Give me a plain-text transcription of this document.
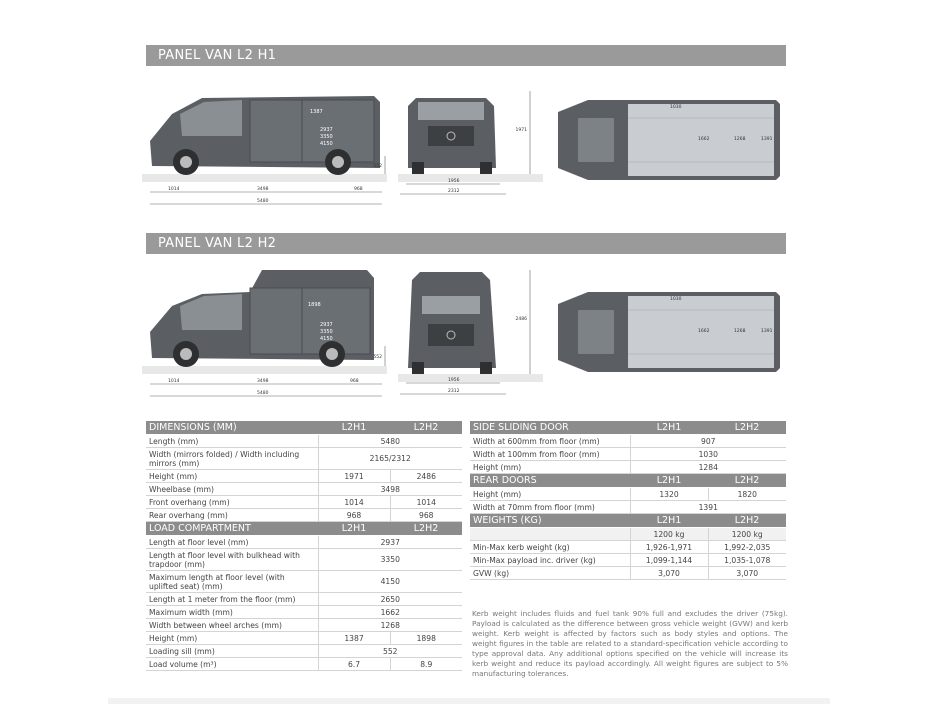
PANEL VAN L2 H1
1387
2937
3350
4150
552
1014	3498	968
5480
1971
1956
2312
1662	1268	1391
1030
PANEL VAN L2 H2
1898
2937
3350
4150
552
1014	3498	968
5480
2486
1956
2312
1662	1268	1391
1030
DIMENSIONS (MM)	L2H1	L2H2
Length (mm)	5480	
Width (mirrors folded) / Width including mirrors (mm)	2165/2312	
Height (mm)	1971	2486
Wheelbase (mm)	3498	
Front overhang (mm)	1014	1014
Rear overhang (mm)	968	968
LOAD COMPARTMENT	L2H1	L2H2
Length at floor level (mm)	2937	
Length at floor level with bulkhead with trapdoor (mm)	3350	
Maximum length at floor level (with uplifted seat) (mm)	4150	
Length at 1 meter from the floor (mm)	2650	
Maximum width (mm)	1662	
Width between wheel arches (mm)	1268	
Height (mm)	1387	1898
Loading sill (mm)	552	
Load volume (m³)	6.7	8.9
SIDE SLIDING DOOR	L2H1	L2H2
Width at 600mm from floor (mm)	907	
Width at 100mm from floor (mm)	1030	
Height (mm)	1284	
REAR DOORS	L2H1	L2H2
Height (mm)	1320	1820
Width at 70mm from floor (mm)	1391	
WEIGHTS (KG)	L2H1	L2H2
	1200 kg	1200 kg
Min-Max kerb weight (kg)	1,926-1,971	1,992-2,035
Min-Max payload inc. driver (kg)	1,099-1,144	1,035-1,078
GVW (kg)	3,070	3,070
Kerb weight includes fluids and fuel tank 90% full and excludes the driver (75kg). Payload is calculated as the difference between gross vehicle weight (GVW) and kerb weight. Kerb weight is affected by factors such as body styles and options. The weight figures in the table are related to a standard-specification vehicle according to type approval data. Any additional options specified on the vehicle will increase its kerb weight and reduce its payload accordingly. All weight figures are subject to 5% manufacturing tolerances.
